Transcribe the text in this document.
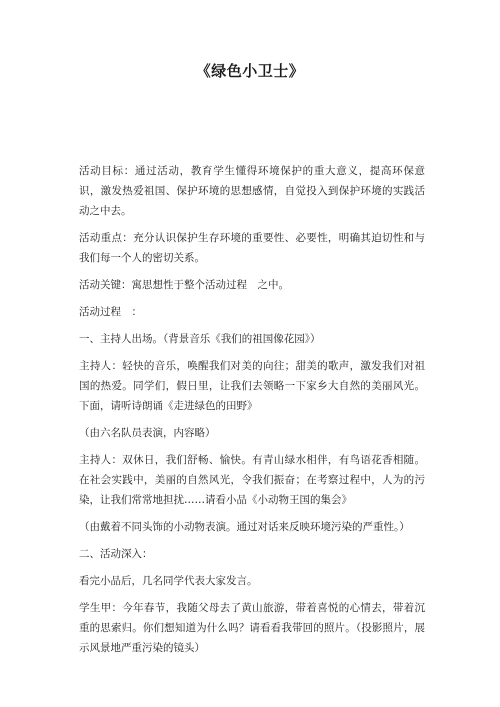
《绿色小卫士》

活动目标：通过活动，教育学生懂得环境保护的重大意义，提高环保意识，激发热爱祖国、保护环境的思想感情，自觉投入到保护环境的实践活动之中去。

活动重点：充分认识保护生存环境的重要性、必要性，明确其迫切性和与我们每一个人的密切关系。

活动关键：寓思想性于整个活动过程　之中。

活动过程　：

一、主持人出场。（背景音乐《我们的祖国像花园》）

主持人：轻快的音乐，唤醒我们对美的向往；甜美的歌声，激发我们对祖国的热爱。同学们，假日里，让我们去领略一下家乡大自然的美丽风光。下面，请听诗朗诵《走进绿色的田野》

（由六名队员表演，内容略）

主持人：双休日，我们舒畅、愉快。有青山绿水相伴，有鸟语花香相随。在社会实践中，美丽的自然风光，令我们振奋；在考察过程中，人为的污染，让我们常常地担扰……请看小品《小动物王国的集会》

（由戴着不同头饰的小动物表演。通过对话来反映环境污染的严重性。）

二、活动深入：

看完小品后，几名同学代表大家发言。

学生甲：今年春节，我随父母去了黄山旅游，带着喜悦的心情去，带着沉重的思索归。你们想知道为什么吗？请看看我带回的照片。（投影照片，展示风景地严重污染的镜头）
